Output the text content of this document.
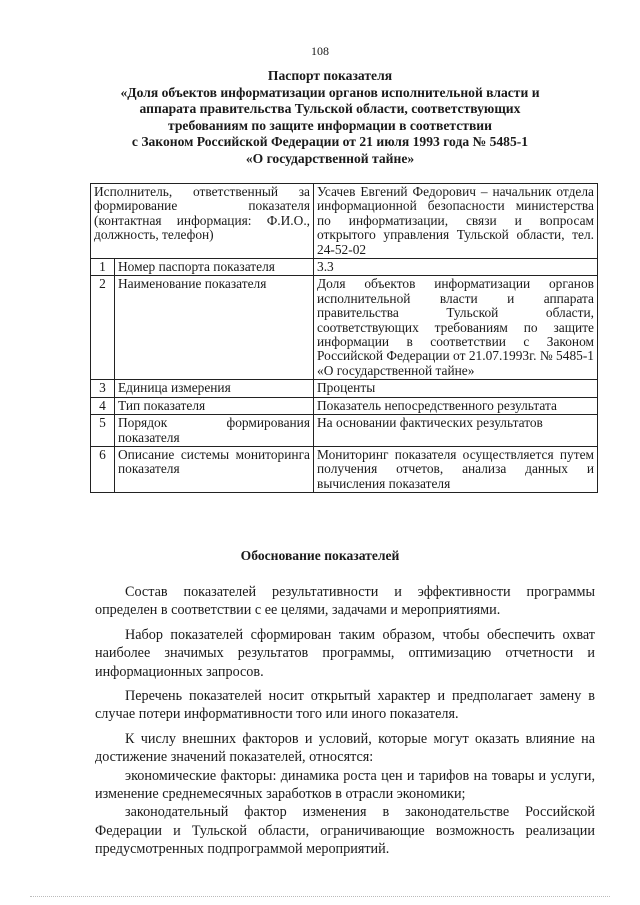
108
Паспорт показателя
«Доля объектов информатизации органов исполнительной власти и
аппарата правительства Тульской области, соответствующих
требованиям по защите информации в соответствии
с Законом Российской Федерации от 21 июля 1993 года № 5485-1
«О государственной тайне»
Исполнитель, ответственный за формирование показателя (контактная информация: Ф.И.О., должность, телефон)		Усачев Евгений Федорович – начальник отдела информационной безопасности министерства по информатизации, связи и вопросам открытого управления Тульской области, тел. 24-52-02
1	Номер паспорта показателя	3.3
2	Наименование показателя	Доля объектов информатизации органов исполнительной власти и аппарата правительства Тульской области, соответствующих требованиям по защите информации в соответствии с Законом Российской Федерации от 21.07.1993г. № 5485-1 «О государственной тайне»
3	Единица измерения	Проценты
4	Тип показателя	Показатель непосредственного результата
5	Порядок формирования показателя	На основании фактических результатов
6	Описание системы мониторинга показателя	Мониторинг показателя осуществляется путем получения отчетов, анализа данных и вычисления показателя
Обоснование показателей

Состав показателей результативности и эффективности программы определен в соответствии с ее целями, задачами и мероприятиями.

Набор показателей сформирован таким образом, чтобы обеспечить охват наиболее значимых результатов программы, оптимизацию отчетности и информационных запросов.

Перечень показателей носит открытый характер и предполагает замену в случае потери информативности того или иного показателя.

К числу внешних факторов и условий, которые могут оказать влияние на достижение значений показателей, относятся:

экономические факторы: динамика роста цен и тарифов на товары и услуги, изменение среднемесячных заработков в отрасли экономики;

законодательный фактор изменения в законодательстве Российской Федерации и Тульской области, ограничивающие возможность реализации предусмотренных подпрограммой мероприятий.
